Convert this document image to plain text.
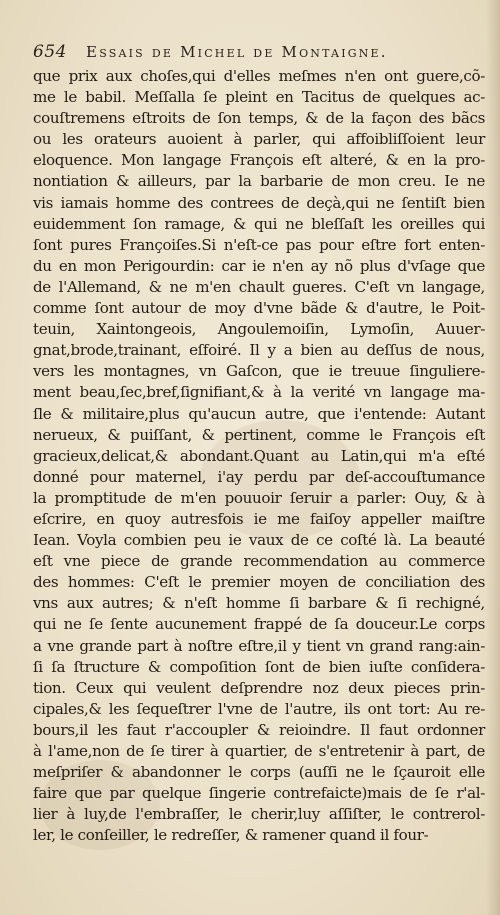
654 Essais de Michel de Montaigne.
que prix aux choſes,qui d'elles meſmes n'en ont guere,cõ-
me le babil. Meſſalla ſe pleint en Tacitus de quelques ac-
couſtremens eſtroits de ſon temps, & de la façon des bãcs
ou les orateurs auoient à parler, qui affoibliſſoient leur
eloquence. Mon langage François eſt alteré, & en la pro-
nontiation & ailleurs, par la barbarie de mon creu. Ie ne
vis iamais homme des contrees de deçà,qui ne ſentiſt bien
euidemment ſon ramage, & qui ne bleſſaſt les oreilles qui
ſont pures Françoiſes.Si n'eſt-ce pas pour eſtre fort enten-
du en mon Perigourdin: car ie n'en ay nõ plus d'vſage que
de l'Allemand, & ne m'en chault gueres. C'eſt vn langage,
comme ſont autour de moy d'vne bãde & d'autre, le Poit-
teuin, Xaintongeois, Angoulemoiſin, Lymoſin, Auuer-
gnat,brode,trainant, eſfoiré. Il y a bien au deſſus de nous,
vers les montagnes, vn Gaſcon, que ie treuue ſinguliere-
ment beau,ſec,bref,ſignifiant,& à la verité vn langage ma-
ſle & militaire,plus qu'aucun autre, que i'entende: Autant
nerueux, & puiſſant, & pertinent, comme le François eſt
gracieux,delicat,& abondant.Quant au Latin,qui m'a eſté
donné pour maternel, i'ay perdu par deſ-accouſtumance
la promptitude de m'en pouuoir ſeruir a parler: Ouy, & à
eſcrire, en quoy autresfois ie me faiſoy appeller maiſtre
Iean. Voyla combien peu ie vaux de ce coſté là. La beauté
eſt vne piece de grande recommendation au commerce
des hommes: C'eſt le premier moyen de conciliation des
vns aux autres; & n'eſt homme ſi barbare & ſi rechigné,
qui ne ſe ſente aucunement frappé de ſa douceur.Le corps
a vne grande part à noſtre eſtre,il y tient vn grand rang:ain-
ſi ſa ſtructure & compoſition ſont de bien iuſte conſidera-
tion. Ceux qui veulent deſprendre noz deux pieces prin-
cipales,& les ſequeſtrer l'vne de l'autre, ils ont tort: Au re-
bours,il les faut r'accoupler & reioindre. Il faut ordonner
à l'ame,non de ſe tirer à quartier, de s'entretenir à part, de
meſpriſer & abandonner le corps (auſſi ne le ſçauroit elle
faire que par quelque ſingerie contrefaicte)mais de ſe r'al-
lier à luy,de l'embraſſer, le cherir,luy aſſiſter, le contrerol-
ler, le conſeiller, le redreſſer, & ramener quand il four-
